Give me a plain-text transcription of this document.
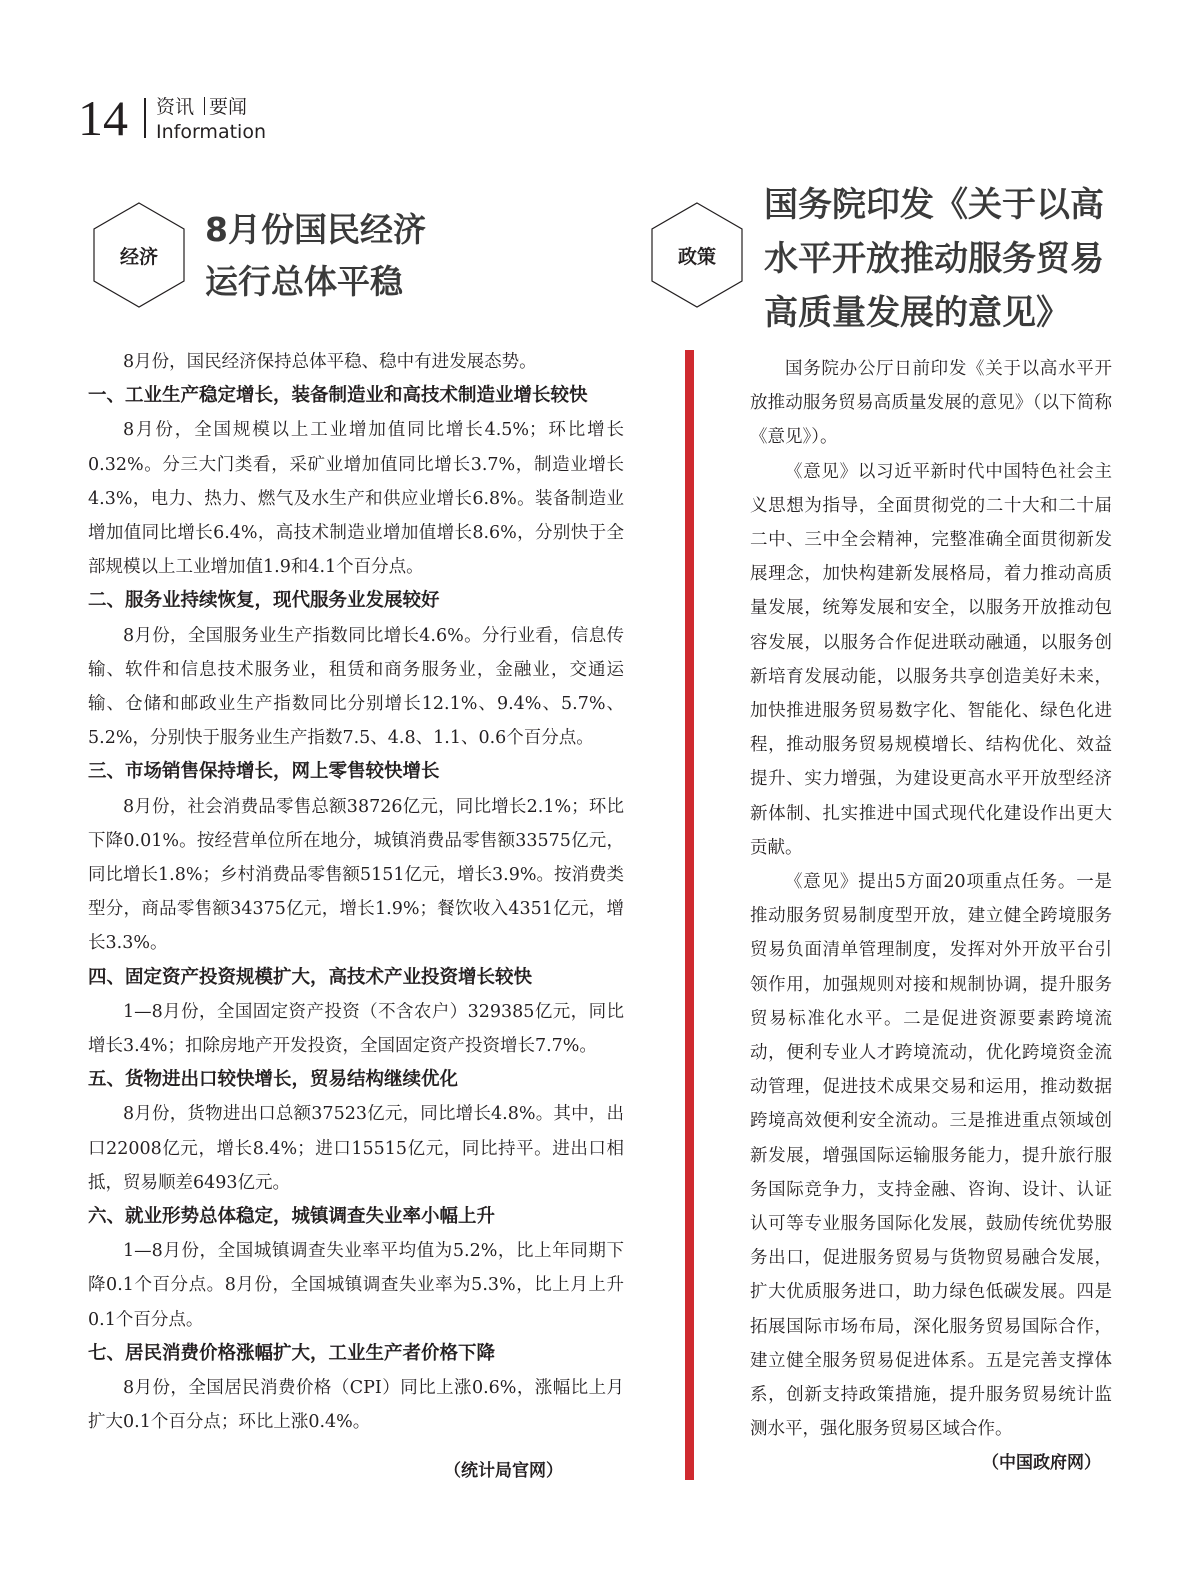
14 资讯 要闻
Information
经济
8月份国民经济
运行总体平稳
政策
国务院印发《关于以高
水平开放推动服务贸易
高质量发展的意见》

8月份，国民经济保持总体平稳、稳中有进发展态势。

一、工业生产稳定增长，装备制造业和高技术制造业增长较快

8月份，全国规模以上工业增加值同比增长4.5%；环比增长0.32%。分三大门类看，采矿业增加值同比增长3.7%，制造业增长4.3%，电力、热力、燃气及水生产和供应业增长6.8%。装备制造业增加值同比增长6.4%，高技术制造业增加值增长8.6%，分别快于全部规模以上工业增加值1.9和4.1个百分点。

二、服务业持续恢复，现代服务业发展较好

8月份，全国服务业生产指数同比增长4.6%。分行业看，信息传输、软件和信息技术服务业，租赁和商务服务业，金融业，交通运输、仓储和邮政业生产指数同比分别增长12.1%、9.4%、5.7%、5.2%，分别快于服务业生产指数7.5、4.8、1.1、0.6个百分点。

三、市场销售保持增长，网上零售较快增长

8月份，社会消费品零售总额38726亿元，同比增长2.1%；环比下降0.01%。按经营单位所在地分，城镇消费品零售额33575亿元，同比增长1.8%；乡村消费品零售额5151亿元，增长3.9%。按消费类型分，商品零售额34375亿元，增长1.9%；餐饮收入4351亿元，增长3.3%。

四、固定资产投资规模扩大，高技术产业投资增长较快

1—8月份，全国固定资产投资（不含农户）329385亿元，同比增长3.4%；扣除房地产开发投资，全国固定资产投资增长7.7%。

五、货物进出口较快增长，贸易结构继续优化

8月份，货物进出口总额37523亿元，同比增长4.8%。其中，出口22008亿元，增长8.4%；进口15515亿元，同比持平。进出口相抵，贸易顺差6493亿元。

六、就业形势总体稳定，城镇调查失业率小幅上升

1—8月份，全国城镇调查失业率平均值为5.2%，比上年同期下降0.1个百分点。8月份，全国城镇调查失业率为5.3%，比上月上升0.1个百分点。

七、居民消费价格涨幅扩大，工业生产者价格下降

8月份，全国居民消费价格（CPI）同比上涨0.6%，涨幅比上月扩大0.1个百分点；环比上涨0.4%。

（统计局官网）

国务院办公厅日前印发《关于以高水平开放推动服务贸易高质量发展的意见》（以下简称《意见》）。

《意见》以习近平新时代中国特色社会主义思想为指导，全面贯彻党的二十大和二十届二中、三中全会精神，完整准确全面贯彻新发展理念，加快构建新发展格局，着力推动高质量发展，统筹发展和安全，以服务开放推动包容发展，以服务合作促进联动融通，以服务创新培育发展动能，以服务共享创造美好未来，加快推进服务贸易数字化、智能化、绿色化进程，推动服务贸易规模增长、结构优化、效益提升、实力增强，为建设更高水平开放型经济新体制、扎实推进中国式现代化建设作出更大贡献。

《意见》提出5方面20项重点任务。一是推动服务贸易制度型开放，建立健全跨境服务贸易负面清单管理制度，发挥对外开放平台引领作用，加强规则对接和规制协调，提升服务贸易标准化水平。二是促进资源要素跨境流动，便利专业人才跨境流动，优化跨境资金流动管理，促进技术成果交易和运用，推动数据跨境高效便利安全流动。三是推进重点领域创新发展，增强国际运输服务能力，提升旅行服务国际竞争力，支持金融、咨询、设计、认证认可等专业服务国际化发展，鼓励传统优势服务出口，促进服务贸易与货物贸易融合发展，扩大优质服务进口，助力绿色低碳发展。四是拓展国际市场布局，深化服务贸易国际合作，建立健全服务贸易促进体系。五是完善支撑体系，创新支持政策措施，提升服务贸易统计监测水平，强化服务贸易区域合作。

（中国政府网）
